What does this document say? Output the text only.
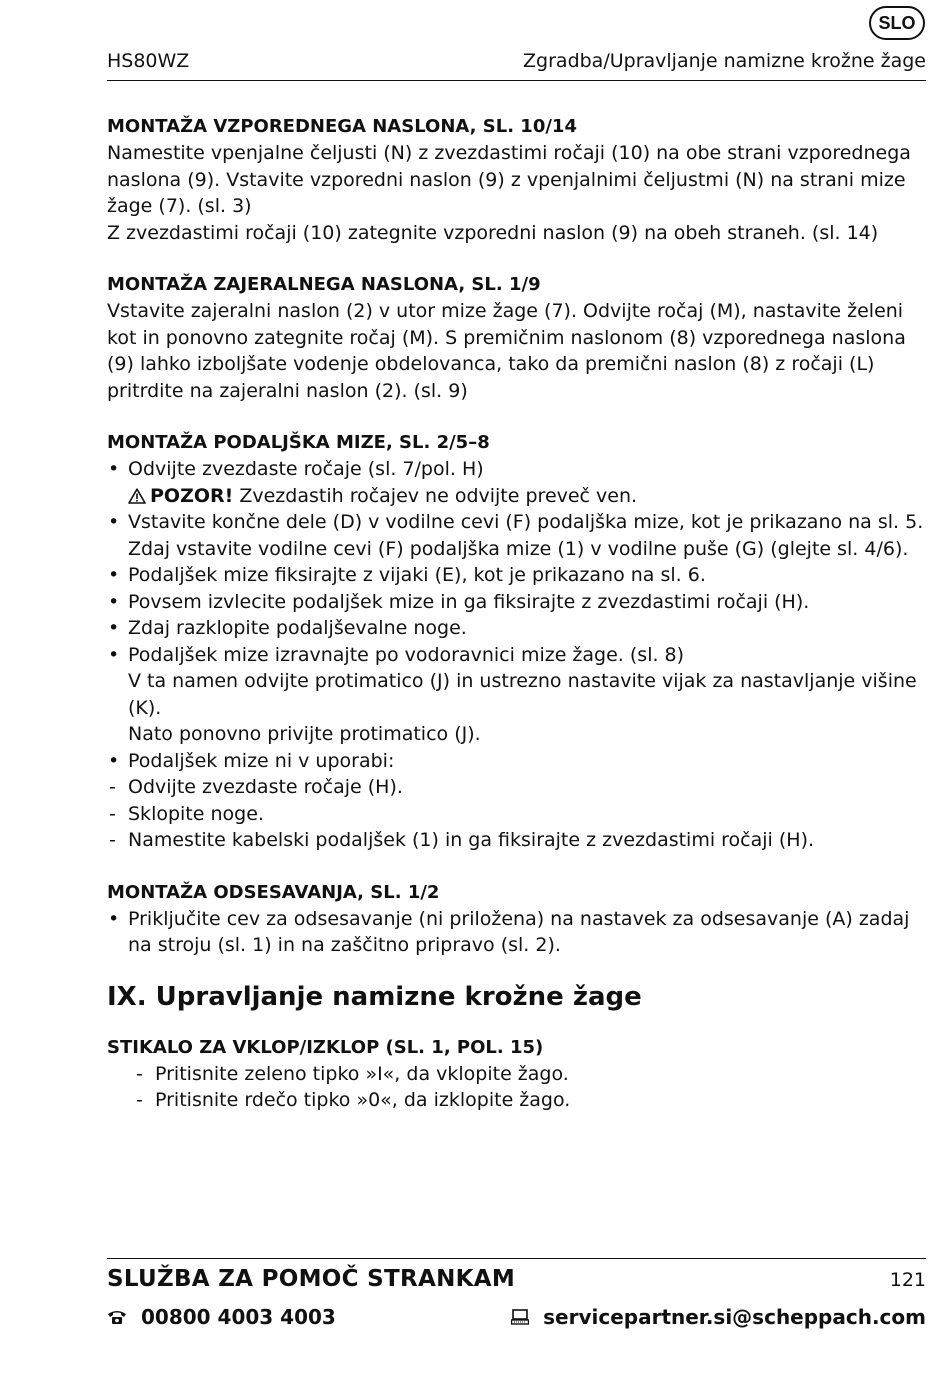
SLO
HS80WZ	Zgradba/Upravljanje namizne krožne žage

MONTAŽA VZPOREDNEGA NASLONA, SL. 10/14

Namestite vpenjalne čeljusti (N) z zvezdastimi ročaji (10) na obe strani vzporednega naslona (9). Vstavite vzporedni naslon (9) z vpenjalnimi čeljustmi (N) na strani mize žage (7). (sl. 3)

Z zvezdastimi ročaji (10) zategnite vzporedni naslon (9) na obeh straneh. (sl. 14)

MONTAŽA ZAJERALNEGA NASLONA, SL. 1/9

Vstavite zajeralni naslon (2) v utor mize žage (7). Odvijte ročaj (M), nastavite želeni kot in ponovno zategnite ročaj (M). S premičnim naslonom (8) vzporednega naslona (9) lahko izboljšate vodenje obdelovanca, tako da premični naslon (8) z ročaji (L) pritrdite na zajeralni naslon (2). (sl. 9)

MONTAŽA PODALJŠKA MIZE, SL. 2/5–8

• Odvijte zvezdaste ročaje (sl. 7/pol. H)
POZOR! Zvezdastih ročajev ne odvijte preveč ven.
• Vstavite končne dele (D) v vodilne cevi (F) podaljška mize, kot je prikazano na sl. 5.
Zdaj vstavite vodilne cevi (F) podaljška mize (1) v vodilne puše (G) (glejte sl. 4/6).
• Podaljšek mize fiksirajte z vijaki (E), kot je prikazano na sl. 6.
• Povsem izvlecite podaljšek mize in ga fiksirajte z zvezdastimi ročaji (H).
• Zdaj razklopite podaljševalne noge.
• Podaljšek mize izravnajte po vodoravnici mize žage. (sl. 8)
V ta namen odvijte protimatico (J) in ustrezno nastavite vijak za nastavljanje višine (K).
Nato ponovno privijte protimatico (J).
• Podaljšek mize ni v uporabi:
- Odvijte zvezdaste ročaje (H).
- Sklopite noge.
- Namestite kabelski podaljšek (1) in ga fiksirajte z zvezdastimi ročaji (H).

MONTAŽA ODSESAVANJA, SL. 1/2

• Priključite cev za odsesavanje (ni priložena) na nastavek za odsesavanje (A) zadaj na stroju (sl. 1) in na zaščitno pripravo (sl. 2).

IX. Upravljanje namizne krožne žage

STIKALO ZA VKLOP/IZKLOP (SL. 1, POL. 15)

- Pritisnite zeleno tipko »I«, da vklopite žago.
- Pritisnite rdečo tipko »0«, da izklopite žago.
SLUŽBA ZA POMOČ STRANKAM	121
00800 4003 4003	servicepartner.si@scheppach.com
